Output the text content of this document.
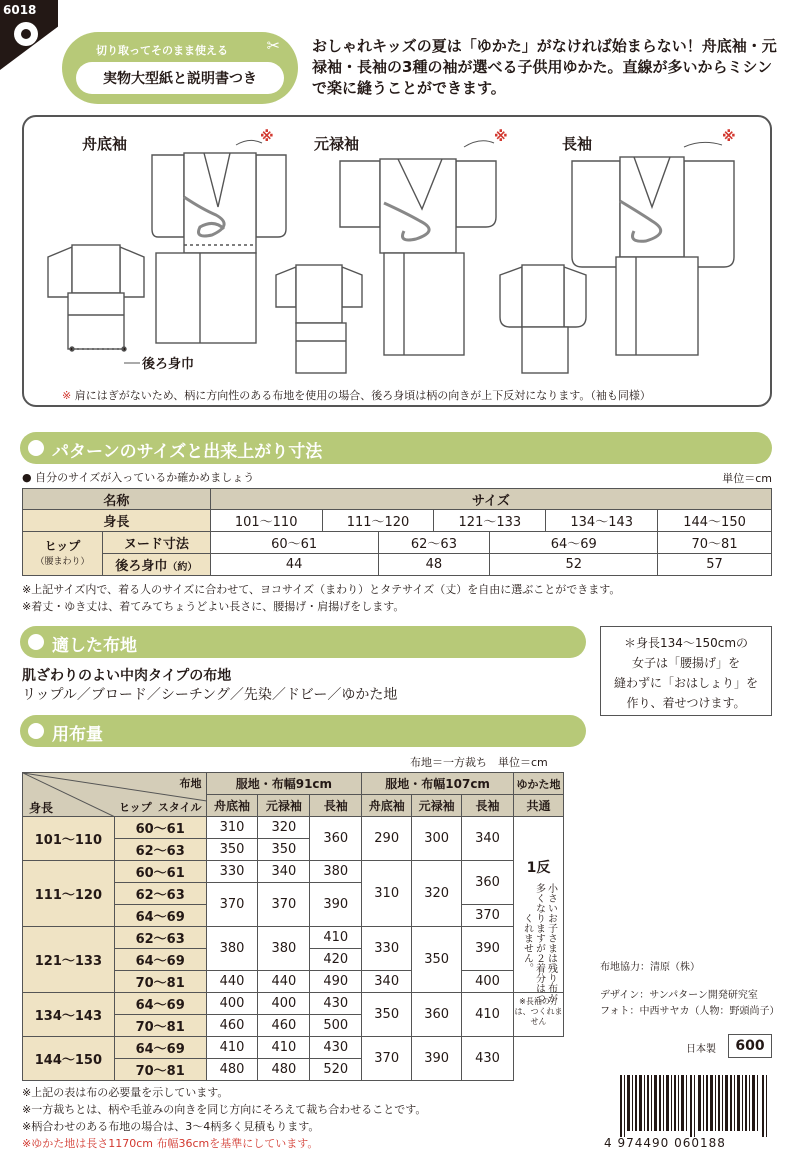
6018
切り取ってそのまま使える	✂
実物大型紙と説明書つき
おしゃれキッズの夏は「ゆかた」がなければ始まらない！舟底袖・元禄袖・長袖の3種の袖が選べる子供用ゆかた。直線が多いからミシンで楽に縫うことができます。
舟底袖	元禄袖	長袖
※	※	※
後ろ身巾
※ 肩にはぎがないため、柄に方向性のある布地を使用の場合、後ろ身頃は柄の向きが上下反対になります。（袖も同様）
パターンのサイズと出来上がり寸法
● 自分のサイズが入っているか確かめましょう	単位＝cm
名称		サイズ						
身長		101～110	111～120		121～133		134～143	144～150
ヒップ
（腰まわり）	ヌード寸法	60～61		62～63		64～69		70～81
	後ろ身巾（約）	44		48		52		57
※上記サイズ内で、着る人のサイズに合わせて、ヨコサイズ（まわり）とタテサイズ（丈）を自由に選ぶことができます。
※着丈・ゆき丈は、着てみてちょうどよい長さに、腰揚げ・肩揚げをします。
適した布地
肌ざわりのよい中肉タイプの布地
リップル／ブロード／シーチング／先染／ドビー／ゆかた地
＊身長134～150cmの
女子は「腰揚げ」を
縫わずに「おはしょり」を
作り、着せつけます。
用布量
布地＝一方裁ち　単位＝cm
布地
スタイル
ヒップ
身長		服地・布幅91cm			服地・布幅107cm			ゆかた地
		舟底袖	元禄袖	長袖	舟底袖	元禄袖	長袖	共通
101～110	60～61	310	320	360	290	300	340	1反
小さいお子さまは残り布が多くなりますが２着分はつくれません。
※長袖の方は、つくれません

	62～63	350	350					
111～120	60～61	330	340	380	310	320	360	
	62～63	370	370	390				
	64～69						370	
121～133	62～63	380	380	410	330	350	390	
	64～69			420				
	70～81	440	440	490	340		400	
134～143	64～69	400	400	430	350	360	410	
	70～81	460	460	500				
144～150	64～69	410	410	430	370	390	430	
	70～81	480	480	520				
布地協力：清原（株）
デザイン：サンパターン開発研究室
フォト：中西サヤカ（人物：野頭尚子）
日本製	600
4 974490 060188
※上記の表は布の必要量を示しています。
※一方裁ちとは、柄や毛並みの向きを同じ方向にそろえて裁ち合わせることです。
※柄合わせのある布地の場合は、3～4柄多く見積もります。
※ゆかた地は長さ1170cm 布幅36cmを基準にしています。
